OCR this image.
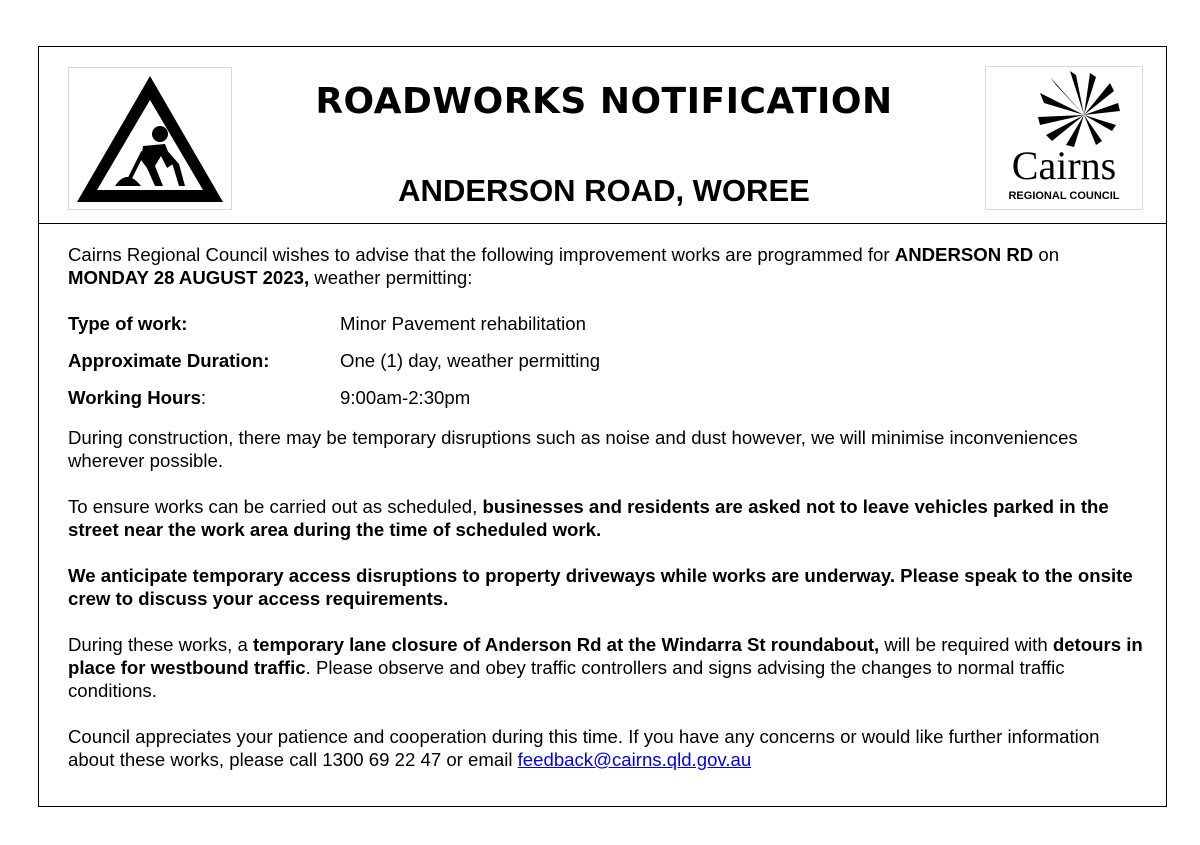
ROADWORKS NOTIFICATION
ANDERSON ROAD, WOREE
Cairns
REGIONAL COUNCIL

Cairns Regional Council wishes to advise that the following improvement works are programmed for ANDERSON RD on MONDAY 28 AUGUST 2023, weather permitting:

Type of work:	Minor Pavement rehabilitation
Approximate Duration:	One (1) day, weather permitting
Working Hours:	9:00am-2:30pm

During construction, there may be temporary disruptions such as noise and dust however, we will minimise inconveniences wherever possible.

To ensure works can be carried out as scheduled, businesses and residents are asked not to leave vehicles parked in the street near the work area during the time of scheduled work.

We anticipate temporary access disruptions to property driveways while works are underway. Please speak to the onsite crew to discuss your access requirements.

During these works, a temporary lane closure of Anderson Rd at the Windarra St roundabout, will be required with detours in place for westbound traffic. Please observe and obey traffic controllers and signs advising the changes to normal traffic conditions.

Council appreciates your patience and cooperation during this time. If you have any concerns or would like further information about these works, please call 1300 69 22 47 or email feedback@cairns.qld.gov.au
